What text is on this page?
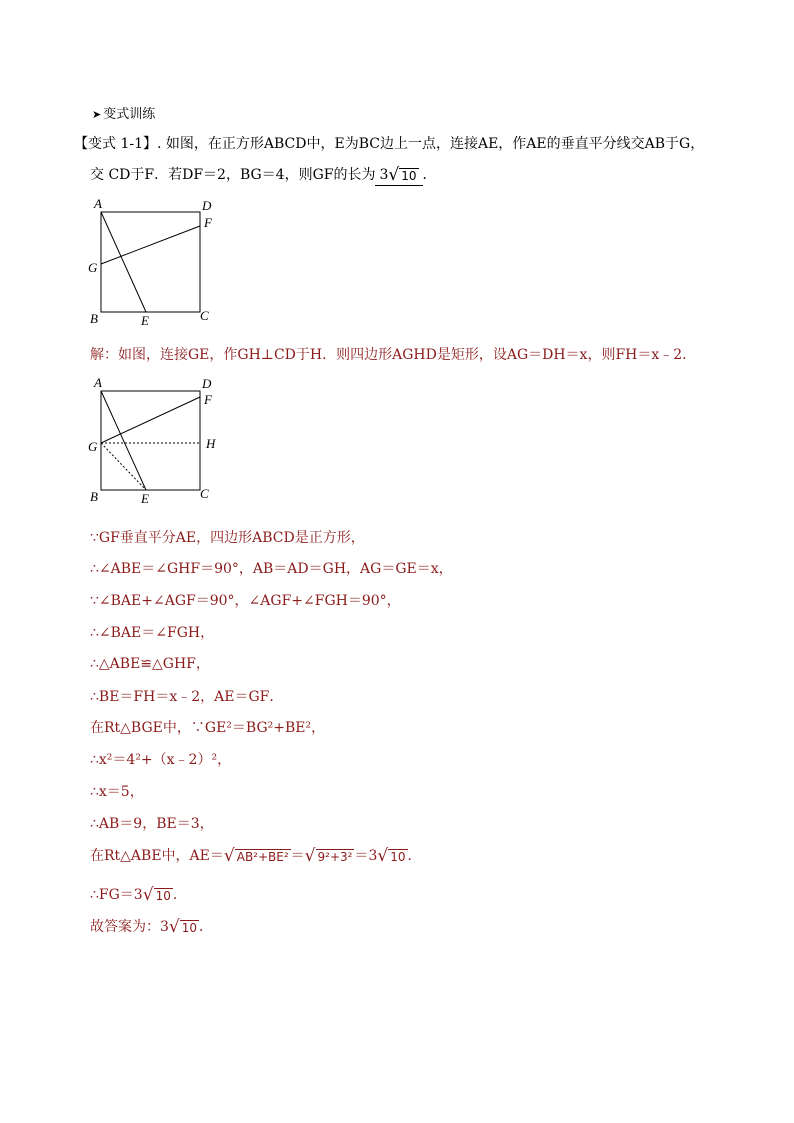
➤ 变式训练
【变式 1-1】. 如图，在正方形ABCD中，E为BC边上一点，连接AE，作AE的垂直平分线交AB于G，
交 CD于F．若DF＝2，BG＝4，则GF的长为 3√ 10 ．
A	D
F
G
B	E	C
解：如图，连接GE，作GH⊥CD于H．则四边形AGHD是矩形，设AG＝DH＝x，则FH＝x﹣2．
A	D
F
H
G
B	E	C
∵GF垂直平分AE，四边形ABCD是正方形，
∴∠ABE＝∠GHF＝90°，AB＝AD＝GH，AG＝GE＝x，
∵∠BAE+∠AGF＝90°，∠AGF+∠FGH＝90°，
∴∠BAE＝∠FGH，
∴△ABE≌△GHF，
∴BE＝FH＝x﹣2，AE＝GF．
在Rt△BGE中，∵GE²＝BG²+BE²，
∴x²＝4²+（x﹣2）²，
∴x＝5，
∴AB＝9，BE＝3，
在Rt△ABE中，AE＝√ AB²+BE² ＝√ 9²+3² ＝3√ 10 ．
∴FG＝3√ 10 ．
故答案为：3√ 10 ．
